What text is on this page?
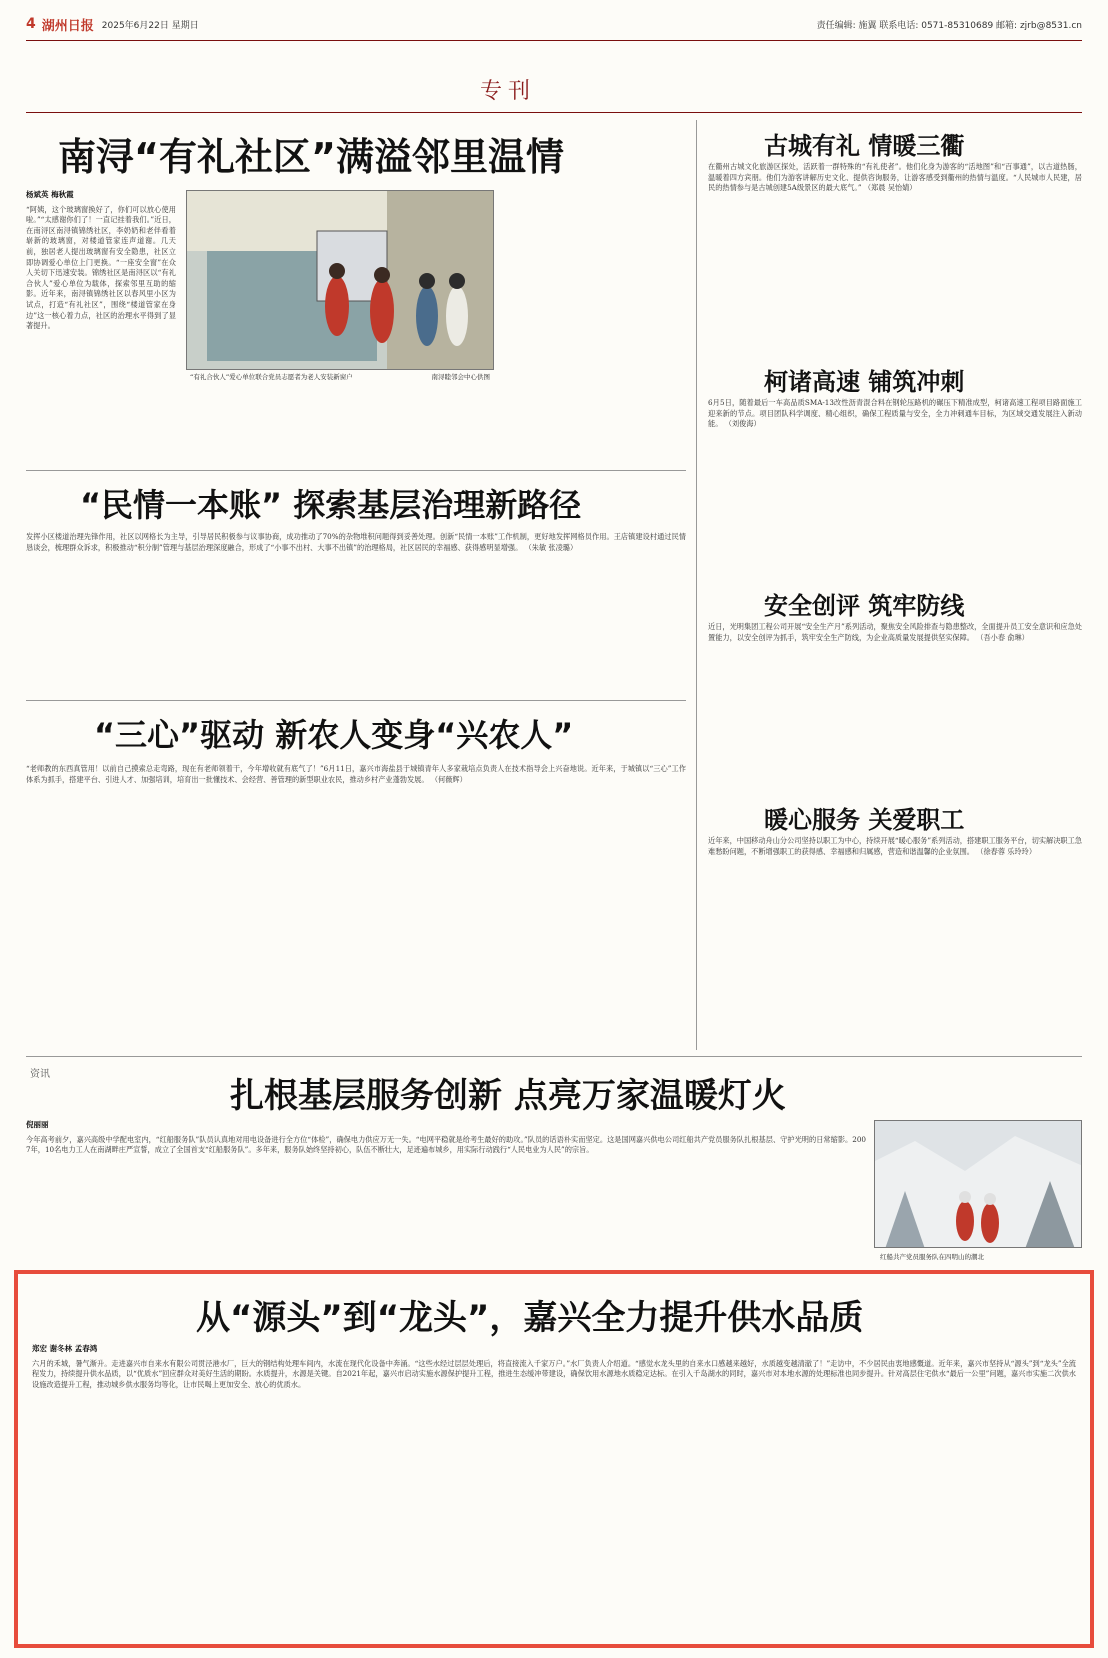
4 湖州日报 2025年6月22日 星期日	责任编辑: 施翼 联系电话: 0571-85310689 邮箱: zjrb@8531.cn
专刊
南浔“有礼社区”满溢邻里温情
杨斌英 梅秋霞
“阿姨，这个玻璃窗换好了，你们可以放心使用啦。”“太感谢你们了！一直记挂着我们。”近日，在南浔区南浔镇锦绣社区，李奶奶和老伴看着崭新的玻璃窗，对楼道管家连声道谢。几天前，独居老人提出玻璃窗有安全隐患，社区立即协调爱心单位上门更换。“一座安全窗”在众人关切下迅速安装。锦绣社区是南浔区以“有礼合伙人”爱心单位为载体，探索邻里互助的缩影。近年来，南浔镇锦绣社区以春风里小区为试点，打造“有礼社区”，围绕“楼道管家在身边”这一核心着力点，社区的治理水平得到了显著提升。
“有礼合伙人”爱心单位联合党员志愿者为老人安装新窗户	南浔睦邻会中心供图
“民情一本账” 探索基层治理新路径
发挥小区楼道治理先锋作用，社区以网格长为主导，引导居民积极参与议事协商，成功推动了70%的杂物堆积问题得到妥善处理。创新“民情一本账”工作机制，更好地发挥网格员作用。王店镇建设村通过民情恳谈会，梳理群众诉求，积极推动“积分制”管理与基层治理深度融合，形成了“小事不出村、大事不出镇”的治理格局，社区居民的幸福感、获得感明显增强。 （朱敏 张凌璐）
“三心”驱动 新农人变身“兴农人”
“老师教的东西真管用！以前自己摸索总走弯路，现在有老师领着干，今年增收就有底气了！”6月11日，嘉兴市海盐县于城镇青年人多家栽培点负责人在技术指导会上兴奋地说。近年来，于城镇以“三心”工作体系为抓手，搭建平台、引进人才、加强培训，培育出一批懂技术、会经营、善管理的新型职业农民，推动乡村产业蓬勃发展。 （何薇辉）
古城有礼 情暖三衢
在衢州古城文化旅游区探处，活跃着一群特殊的“有礼使者”。他们化身为游客的“活地图”和“百事通”，以古道热肠，温暖着四方宾朋。他们为游客讲解历史文化、提供咨询服务，让游客感受到衢州的热情与温度。“人民城市人民建，居民的热情参与是古城创建5A级景区的最大底气。” （郑晨 吴怡婧）
柯诸高速 铺筑冲刺
6月5日，随着最后一车高品质SMA-13改性沥青混合料在钢轮压路机的碾压下精准成型，柯诸高速工程项目路面施工迎来新的节点。项目团队科学调度、精心组织，确保工程质量与安全，全力冲刺通车目标，为区域交通发展注入新动能。 （刘俊海）
安全创评 筑牢防线
近日，光明集团工程公司开展“安全生产月”系列活动，聚焦安全风险排查与隐患整改，全面提升员工安全意识和应急处置能力，以安全创评为抓手，筑牢安全生产防线，为企业高质量发展提供坚实保障。 （吾小春 俞琳）
暖心服务 关爱职工
近年来，中国移动舟山分公司坚持以职工为中心，持续开展“暖心服务”系列活动，搭建职工服务平台，切实解决职工急难愁盼问题，不断增强职工的获得感、幸福感和归属感，营造和谐温馨的企业氛围。 （徐春蓉 乐玲玲）
资讯
扎根基层服务创新 点亮万家温暖灯火
倪丽丽
今年高考前夕，嘉兴高级中学配电室内，“红船服务队”队员认真地对用电设备进行全方位“体检”，确保电力供应万无一失。“电网平稳就是给考生最好的助攻。”队员的话语朴实而坚定。这是国网嘉兴供电公司红船共产党员服务队扎根基层、守护光明的日常缩影。2007年，10名电力工人在南湖畔庄严宣誓，成立了全国首支“红船服务队”。多年来，服务队始终坚持初心，队伍不断壮大，足迹遍布城乡，用实际行动践行“人民电业为人民”的宗旨。
红船共产党员服务队在四明山的潮北
从“源头”到“龙头”，嘉兴全力提升供水品质
郑宏 谢冬林 孟春鸿
六月的禾城，暑气渐升。走进嘉兴市自来水有限公司贯泾港水厂，巨大的钢结构处理车间内，水流在现代化设备中奔涌。“这些水经过层层处理后，将直接流入千家万户。”水厂负责人介绍道。“感觉水龙头里的自来水口感越来越好，水质越变越清澈了！”走访中，不少居民由衷地感慨道。近年来，嘉兴市坚持从“源头”到“龙头”全流程发力，持续提升供水品质，以“优质水”回应群众对美好生活的期盼。水质提升，水源是关键。自2021年起，嘉兴市启动实施水源保护提升工程，推进生态缓冲带建设，确保饮用水源地水质稳定达标。在引入千岛湖水的同时，嘉兴市对本地水源的处理标准也同步提升。针对高层住宅供水“最后一公里”问题，嘉兴市实施二次供水设施改造提升工程，推动城乡供水服务均等化，让市民喝上更加安全、放心的优质水。
